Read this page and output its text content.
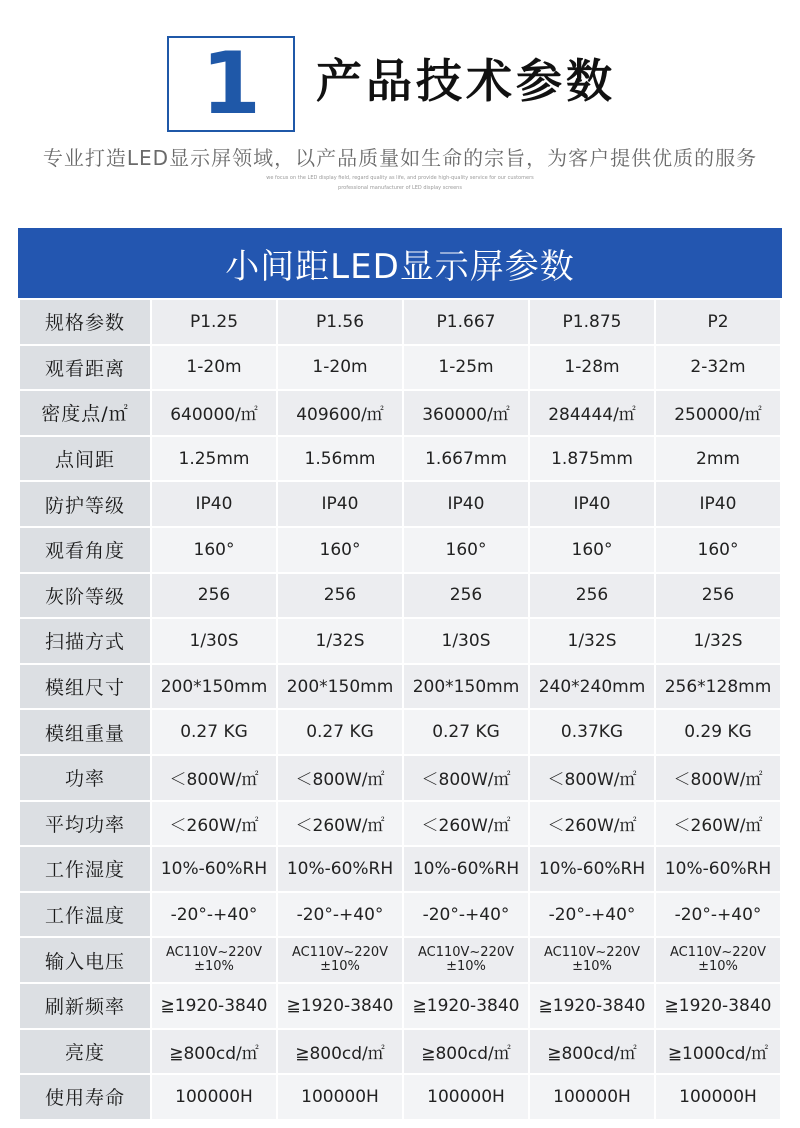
1 产品技术参数
专业打造LED显示屏领域，以产品质量如生命的宗旨，为客户提供优质的服务
we focus on the LED display field, regard quality as life, and provide high-quality service for our customers
professional manufacturer of LED display screens
小间距LED显示屏参数
规格参数	P1.25	P1.56	P1.667	P1.875	P2
观看距离	1-20m	1-20m	1-25m	1-28m	2-32m
密度点/㎡	640000/㎡	409600/㎡	360000/㎡	284444/㎡	250000/㎡
点间距	1.25mm	1.56mm	1.667mm	1.875mm	2mm
防护等级	IP40	IP40	IP40	IP40	IP40
观看角度	160°	160°	160°	160°	160°
灰阶等级	256	256	256	256	256
扫描方式	1/30S	1/32S	1/30S	1/32S	1/32S
模组尺寸	200*150mm	200*150mm	200*150mm	240*240mm	256*128mm
模组重量	0.27 KG	0.27 KG	0.27 KG	0.37KG	0.29 KG
功率	＜800W/㎡	＜800W/㎡	＜800W/㎡	＜800W/㎡	＜800W/㎡
平均功率	＜260W/㎡	＜260W/㎡	＜260W/㎡	＜260W/㎡	＜260W/㎡
工作湿度	10%-60%RH	10%-60%RH	10%-60%RH	10%-60%RH	10%-60%RH
工作温度	-20°-+40°	-20°-+40°	-20°-+40°	-20°-+40°	-20°-+40°
输入电压	AC110V~220V ±10%	AC110V~220V ±10%	AC110V~220V ±10%	AC110V~220V ±10%	AC110V~220V ±10%
刷新频率	≧1920-3840	≧1920-3840	≧1920-3840	≧1920-3840	≧1920-3840
亮度	≧800cd/㎡	≧800cd/㎡	≧800cd/㎡	≧800cd/㎡	≧1000cd/㎡
使用寿命	100000H	100000H	100000H	100000H	100000H
